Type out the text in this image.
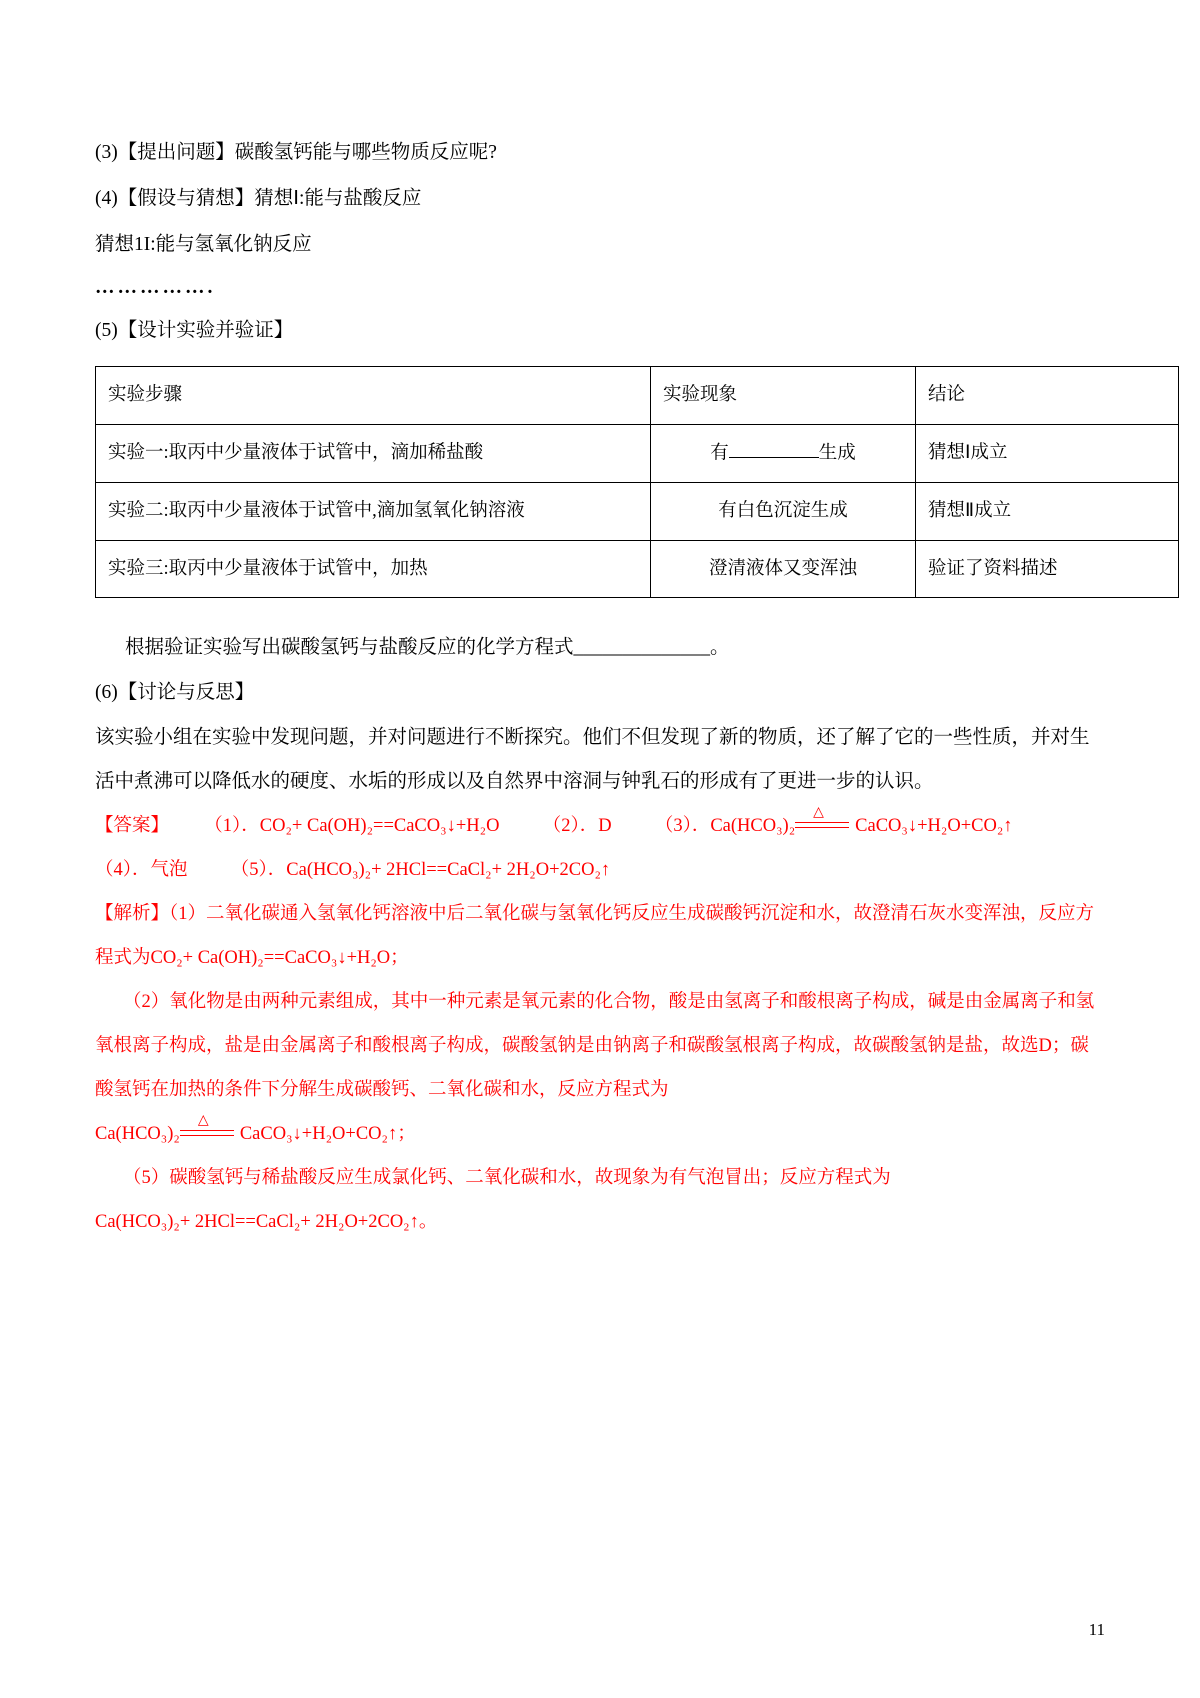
(3)【提出问题】碳酸氢钙能与哪些物质反应呢?
(4)【假设与猜想】猜想Ⅰ:能与盐酸反应
猜想1I:能与氢氧化钠反应
…………….
(5)【设计实验并验证】
实验步骤	实验现象	结论
实验一:取丙中少量液体于试管中，滴加稀盐酸	有 生成	猜想Ⅰ成立
实验二:取丙中少量液体于试管中,滴加氢氧化钠溶液	有白色沉淀生成	猜想Ⅱ成立
实验三:取丙中少量液体于试管中，加热	澄清液体又变浑浊	验证了资料描述
根据验证实验写出碳酸氢钙与盐酸反应的化学方程式______________。
(6)【讨论与反思】
该实验小组在实验中发现问题，并对问题进行不断探究。他们不但发现了新的物质，还了解了它的一些性质，并对生活中煮沸可以降低水的硬度、水垢的形成以及自然界中溶洞与钟乳石的形成有了更进一步的认识。
【答案】 （1）．CO₂+ Ca(OH)₂==CaCO₃↓+H₂O （2）．D （3）．Ca(HCO₃)₂
△
CaCO₃↓+H₂O+CO₂↑
（4）．气泡 （5）．Ca(HCO₃)₂+ 2HCl==CaCl₂+ 2H₂O+2CO₂↑
【解析】（1）二氧化碳通入氢氧化钙溶液中后二氧化碳与氢氧化钙反应生成碳酸钙沉淀和水，故澄清石灰水变浑浊，反应方程式为CO₂+ Ca(OH)₂==CaCO₃↓+H₂O；
（2）氧化物是由两种元素组成，其中一种元素是氧元素的化合物，酸是由氢离子和酸根离子构成，碱是由金属离子和氢氧根离子构成，盐是由金属离子和酸根离子构成，碳酸氢钠是由钠离子和碳酸氢根离子构成，故碳酸氢钠是盐，故选D；碳酸氢钙在加热的条件下分解生成碳酸钙、二氧化碳和水，反应方程式为
Ca(HCO₃)₂
△
CaCO₃↓+H₂O+CO₂↑；
（5）碳酸氢钙与稀盐酸反应生成氯化钙、二氧化碳和水，故现象为有气泡冒出；反应方程式为
Ca(HCO₃)₂+ 2HCl==CaCl₂+ 2H₂O+2CO₂↑。
11
